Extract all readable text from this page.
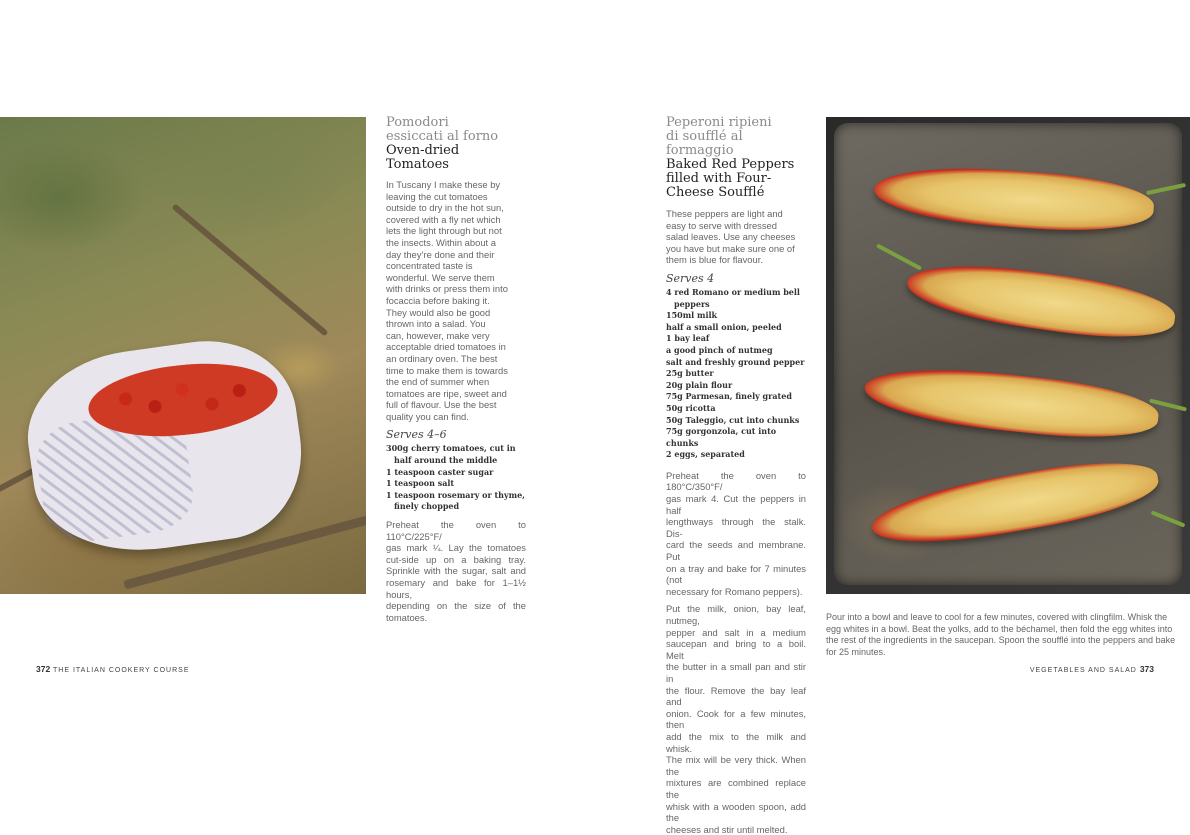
Pomodori
essiccati al forno
Oven-dried
Tomatoes
In Tuscany I make these by
leaving the cut tomatoes
outside to dry in the hot sun,
covered with a fly net which
lets the light through but not
the insects. Within about a
day they’re done and their
concentrated taste is
wonderful. We serve them
with drinks or press them into
focaccia before baking it.
They would also be good
thrown into a salad. You
can, however, make very
acceptable dried tomatoes in
an ordinary oven. The best
time to make them is towards
the end of summer when
tomatoes are ripe, sweet and
full of flavour. Use the best
quality you can find.
Serves 4–6
300g cherry tomatoes, cut in
half around the middle
1 teaspoon caster sugar
1 teaspoon salt
1 teaspoon rosemary or thyme,
finely chopped
Preheat the oven to 110°C/225°F/
gas mark ¼. Lay the tomatoes
cut-side up on a baking tray.
Sprinkle with the sugar, salt and
rosemary and bake for 1–1½ hours,
depending on the size of the
tomatoes.
Peperoni ripieni
di soufflé al
formaggio
Baked Red Peppers
filled with Four-
Cheese Soufflé
These peppers are light and
easy to serve with dressed
salad leaves. Use any cheeses
you have but make sure one of
them is blue for flavour.
Serves 4
4 red Romano or medium bell
peppers
150ml milk
half a small onion, peeled
1 bay leaf
a good pinch of nutmeg
salt and freshly ground pepper
25g butter
20g plain flour
75g Parmesan, finely grated
50g ricotta
50g Taleggio, cut into chunks
75g gorgonzola, cut into chunks
2 eggs, separated
Preheat the oven to 180°C/350°F/
gas mark 4. Cut the peppers in half
lengthways through the stalk. Dis-
card the seeds and membrane. Put
on a tray and bake for 7 minutes (not
necessary for Romano peppers).
Put the milk, onion, bay leaf, nutmeg,
pepper and salt in a medium
saucepan and bring to a boil. Melt
the butter in a small pan and stir in
the flour. Remove the bay leaf and
onion. Cook for a few minutes, then
add the mix to the milk and whisk.
The mix will be very thick. When the
mixtures are combined replace the
whisk with a wooden spoon, add the
cheeses and stir until melted.
Pour into a bowl and leave to cool for a few minutes, covered with clingfilm. Whisk the
egg whites in a bowl. Beat the yolks, add to the béchamel, then fold the egg whites into
the rest of the ingredients in the saucepan. Spoon the soufflé into the peppers and bake
for 25 minutes.
372 THE ITALIAN COOKERY COURSE	VEGETABLES AND SALAD 373
